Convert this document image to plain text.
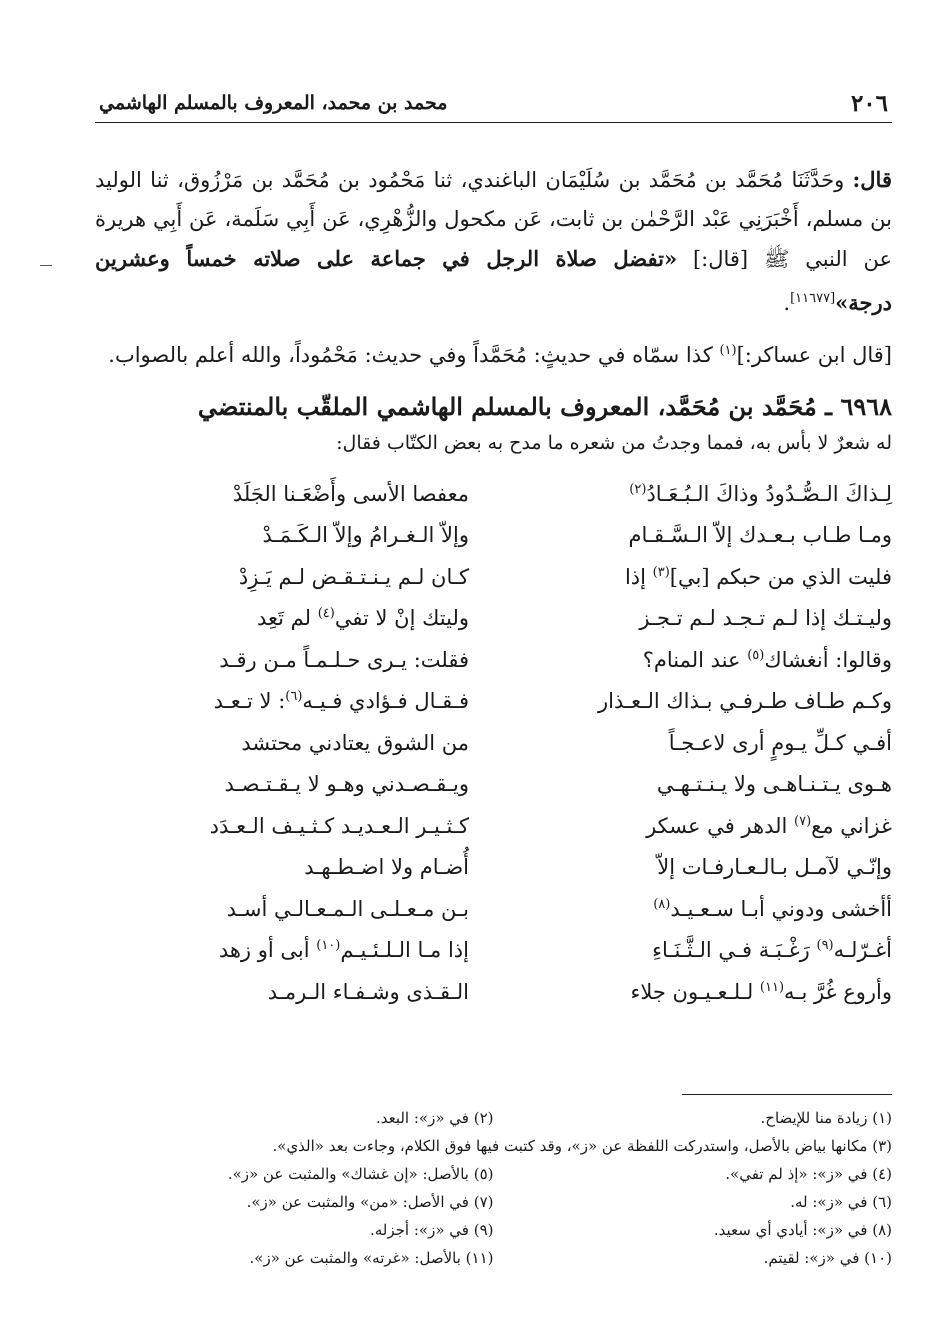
٢٠٦
محمد بن محمد، المعروف بالمسلم الهاشمي

قال: وحَدَّثَنَا مُحَمَّد بن مُحَمَّد بن سُلَيْمَان الباغندي، ثنا مَحْمُود بن مُحَمَّد بن مَرْزُوق، ثنا الوليد بن مسلم، أَخْبَرَنِي عَبْد الرَّحْمٰن بن ثابت، عَن مكحول والزُّهْرِي، عَن أَبِي سَلَمة، عَن أَبِي هريرة عن النبي ﷺ [قال:] «تفضل صلاة الرجل في جماعة على صلاته خمساً وعشرين درجة»[١١٦٧٧].

[قال ابن عساكر:]$^{(١)}$ كذا سمّاه في حديثٍ: مُحَمَّداً وفي حديث: مَحْمُوداً، والله أعلم بالصواب.

٦٩٦٨ ـ مُحَمَّد بن مُحَمَّد، المعروف بالمسلم الهاشمي الملقّب بالمنتضي

له شعرٌ لا بأس به، فمما وجدتُ من شعره ما مدح به بعض الكتّاب فقال:

لِـذاكَ الـصُّـدُودُ وذاكَ الـبُـعَـادُ$^{(٢)}$
معفصا الأسى وأَضْعَـنا الجَلَدْ
ومـا طـاب بـعـدك إلاّ الـسَّـقـام
وإلاّ الـغـرامُ وإلاّ الـكَـمَـدْ
فليت الذي من حبكم [بي]$^{(٣)}$ إذا
كـان لـم يـنـتـقـض لـم يَـزِدْ
وليـتـك إذا لـم تـجـد لـم تـجـز
وليتك إنْ لا تفي$^{(٤)}$ لم تَعِد
وقالوا: أنغشاك$^{(٥)}$ عند المنام؟
فقلت: يـرى حـلـمـاً مـن رقـد
وكـم طـاف طـرفـي بـذاك الـعـذار
فـقـال فـؤادي فـيـه$^{(٦)}$: لا تـعـد
أفـي كـلِّ يـومٍ أرى لاعـجـاً
من الشوق يعتادني محتشد
هـوى يـتـنـاهـى ولا يـنـتـهـي
ويـقـصـدني وهـو لا يـقـتـصـد
غزاني مع$^{(٧)}$ الدهر في عسكر
كـثـيـر الـعـديـد كـثـيـف الـعـدَد
وإنّـي لآمـل بـالـعـارفـات إلاّ
أُضـام ولا اضـطـهـد
أأخشى ودوني أبـا سـعـيـد$^{(٨)}$
بـن مـعـلـى الـمـعـالـي أسـد
أغـرّلـه$^{(٩)}$ رَغْـبَـة فـي الـثَّـنَـاءِ
إذا مـا الـلـئـيـم$^{(١٠)}$ أبى أو زهد
وأروع غُرَّ بـه$^{(١١)}$ لـلـعـيـون جلاء
الـقـذى وشـفـاء الـرمـد
(١) زيادة منا للإيضاح.
(٢) في «ز»: البعد.
(٣) مكانها بياض بالأصل، واستدركت اللفظة عن «ز»، وقد كتبت فيها فوق الكلام، وجاءت بعد «الذي».
(٤) في «ز»: «إذ لم تفي».
(٥) بالأصل: «إن غشاك» والمثبت عن «ز».
(٦) في «ز»: له.
(٧) في الأصل: «من» والمثبت عن «ز».
(٨) في «ز»: أيادي أي سعيد.
(٩) في «ز»: أجزله.
(١٠) في «ز»: لقيتم.
(١١) بالأصل: «غرته» والمثبت عن «ز».
